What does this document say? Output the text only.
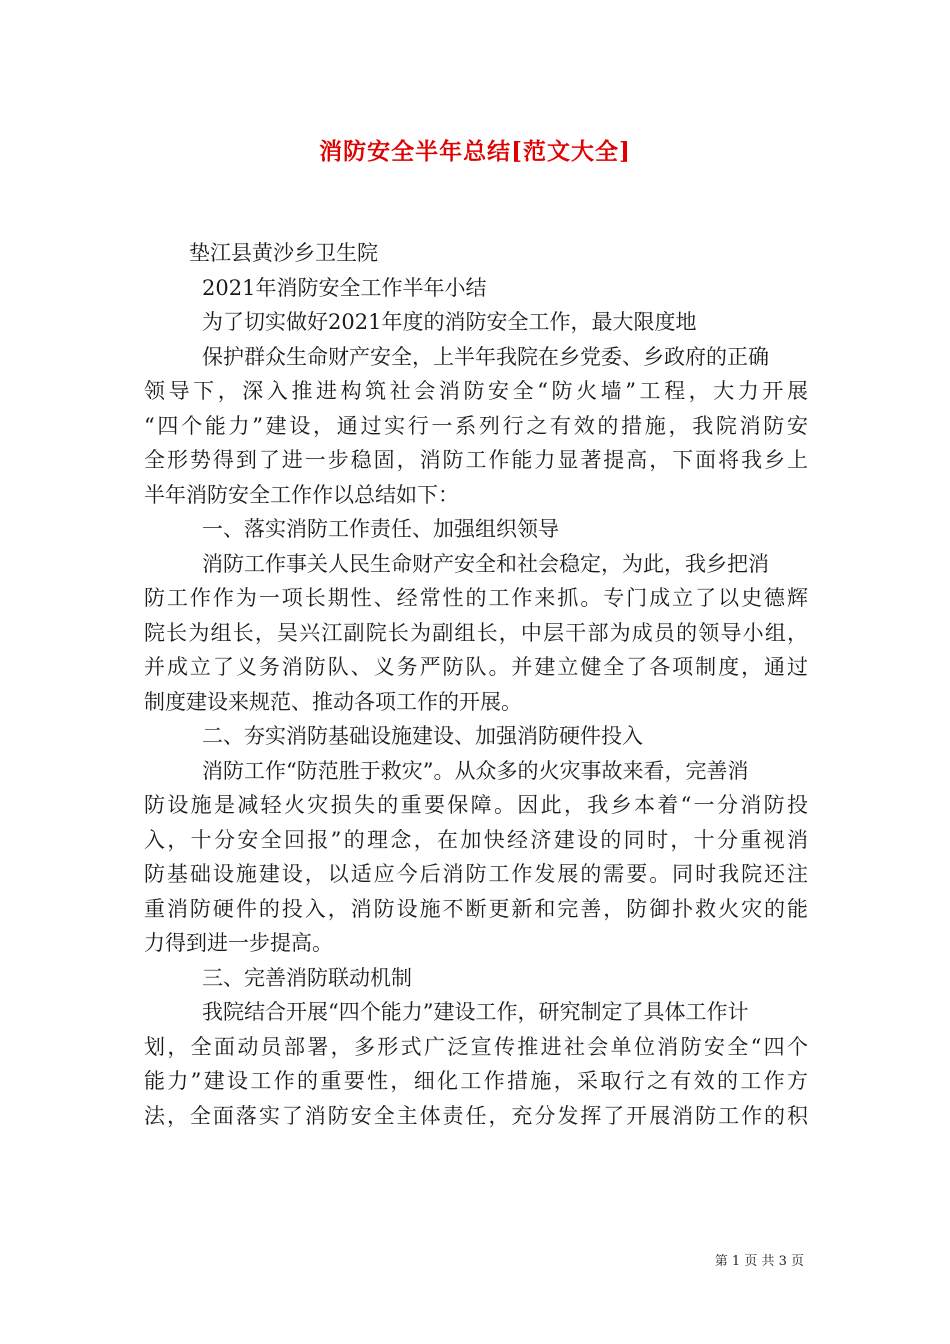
消防安全半年总结[范文大全]
垫江县黄沙乡卫生院
2021年消防安全工作半年小结
为了切实做好2021年度的消防安全工作，最大限度地
保护群众生命财产安全，上半年我院在乡党委、乡政府的正确
领导下，深入推进构筑社会消防安全“防火墙”工程，大力开展
“四个能力”建设，通过实行一系列行之有效的措施，我院消防安
全形势得到了进一步稳固，消防工作能力显著提高，下面将我乡上
半年消防安全工作作以总结如下：
一、落实消防工作责任、加强组织领导
消防工作事关人民生命财产安全和社会稳定，为此，我乡把消
防工作作为一项长期性、经常性的工作来抓。专门成立了以史德辉
院长为组长，吴兴江副院长为副组长，中层干部为成员的领导小组，
并成立了义务消防队、义务严防队。并建立健全了各项制度，通过
制度建设来规范、推动各项工作的开展。
二、夯实消防基础设施建设、加强消防硬件投入
消防工作“防范胜于救灾”。从众多的火灾事故来看，完善消
防设施是减轻火灾损失的重要保障。因此，我乡本着“一分消防投
入，十分安全回报”的理念，在加快经济建设的同时，十分重视消
防基础设施建设，以适应今后消防工作发展的需要。同时我院还注
重消防硬件的投入，消防设施不断更新和完善，防御扑救火灾的能
力得到进一步提高。
三、完善消防联动机制
我院结合开展“四个能力”建设工作，研究制定了具体工作计
划，全面动员部署，多形式广泛宣传推进社会单位消防安全“四个
能力”建设工作的重要性，细化工作措施，采取行之有效的工作方
法，全面落实了消防安全主体责任，充分发挥了开展消防工作的积
第 1 页 共 3 页
